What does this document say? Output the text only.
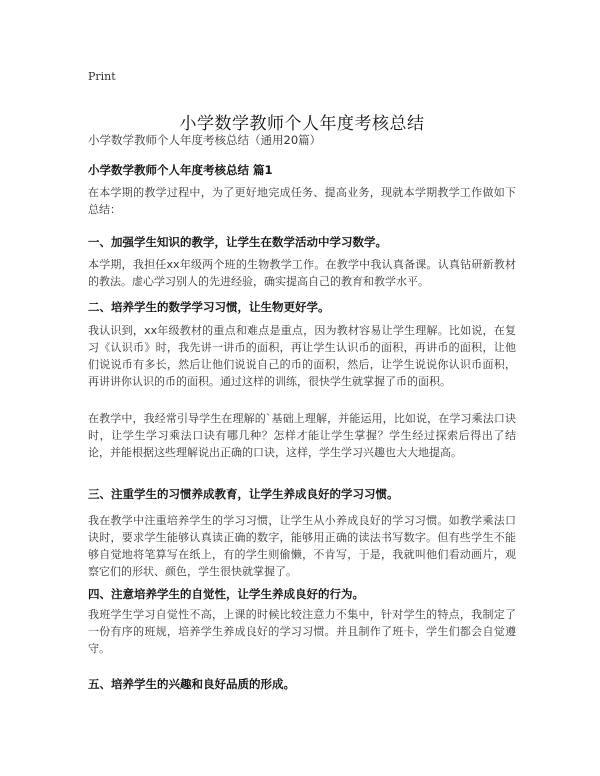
Print
小学数学教师个人年度考核总结
小学数学教师个人年度考核总结（通用20篇）
小学数学教师个人年度考核总结 篇1

在本学期的教学过程中，为了更好地完成任务、提高业务，现就本学期教学工作做如下总结：

一、加强学生知识的教学，让学生在数学活动中学习数学。

本学期，我担任xx年级两个班的生物教学工作。在教学中我认真备课。认真钻研新教材的教法。虚心学习别人的先进经验，确实提高自己的教育和教学水平。

二、培养学生的数学学习习惯，让生物更好学。

我认识到，xx年级教材的重点和难点是重点，因为教材容易让学生理解。比如说，在复习《认识币》时，我先讲一讲币的面积，再让学生认识币的面积，再讲币的面积，让他们说说币有多长，然后让他们说说自己的币的面积，然后，让学生说说你认识币面积，再讲讲你认识的币的面积。通过这样的训练，很快学生就掌握了币的面积。

在教学中，我经常引导学生在理解的`基础上理解，并能运用，比如说，在学习乘法口诀时，让学生学习乘法口诀有哪几种？怎样才能让学生掌握？学生经过探索后得出了结论，并能根据这些理解说出正确的口诀，这样，学生学习兴趣也大大地提高。

三、注重学生的习惯养成教育，让学生养成良好的学习习惯。

我在教学中注重培养学生的学习习惯，让学生从小养成良好的学习习惯。如教学乘法口诀时，要求学生能够认真读正确的数字，能够用正确的读法书写数字。但有些学生不能够自觉地将笔算写在纸上，有的学生则偷懒，不肯写，于是，我就叫他们看动画片，观察它们的形状、颜色，学生很快就掌握了。

四、注意培养学生的自觉性，让学生养成良好的行为。

我班学生学习自觉性不高，上课的时候比较注意力不集中，针对学生的特点，我制定了一份有序的班规，培养学生养成良好的学习习惯。并且制作了班卡，学生们都会自觉遵守。

五、培养学生的兴趣和良好品质的形成。
